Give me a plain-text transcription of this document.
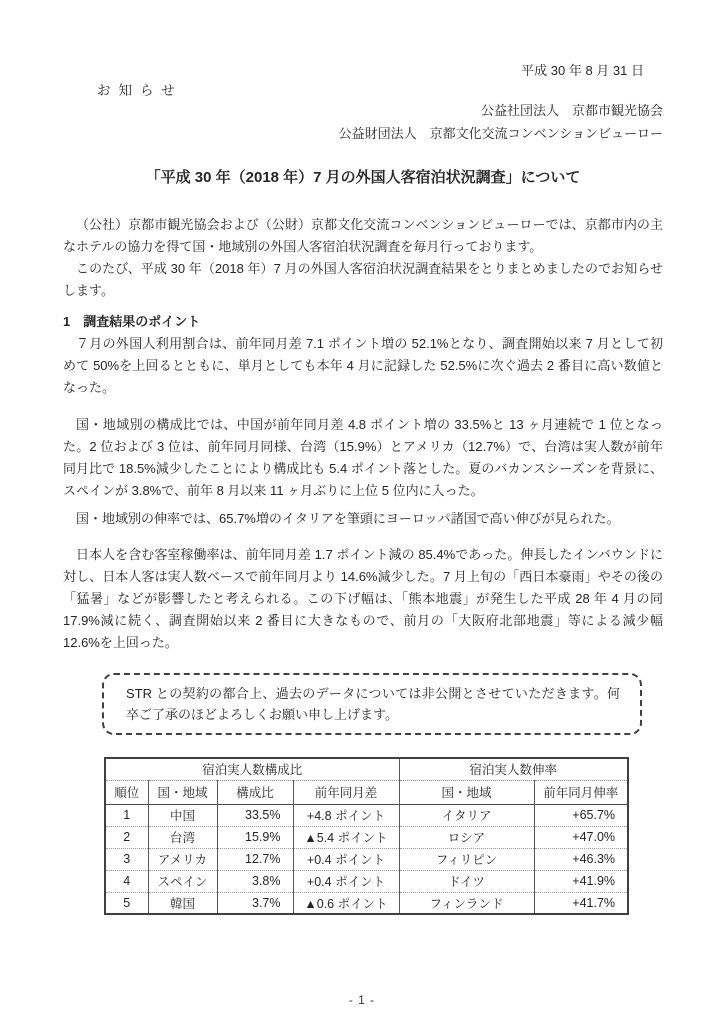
平成 30 年 8 月 31 日
お知らせ
公益社団法人　京都市観光協会
公益財団法人　京都文化交流コンベンションビューロー
「平成 30 年（2018 年）7 月の外国人客宿泊状況調査」について

（公社）京都市観光協会および（公財）京都文化交流コンベンションビューローでは、京都市内の主なホテルの協力を得て国・地域別の外国人客宿泊状況調査を毎月行っております。

このたび、平成 30 年（2018 年）7 月の外国人客宿泊状況調査結果をとりまとめましたのでお知らせします。

1　調査結果のポイント

７月の外国人利用割合は、前年同月差 7.1 ポイント増の 52.1%となり、調査開始以来 7 月として初めて 50%を上回るとともに、単月としても本年 4 月に記録した 52.5%に次ぐ過去 2 番目に高い数値となった。

国・地域別の構成比では、中国が前年同月差 4.8 ポイント増の 33.5%と 13 ヶ月連続で 1 位となった。2 位および 3 位は、前年同月同様、台湾（15.9%）とアメリカ（12.7%）で、台湾は実人数が前年同月比で 18.5%減少したことにより構成比も 5.4 ポイント落とした。夏のバカンスシーズンを背景に、スペインが 3.8%で、前年 8 月以来 11 ヶ月ぶりに上位 5 位内に入った。

国・地域別の伸率では、65.7%増のイタリアを筆頭にヨーロッパ諸国で高い伸びが見られた。

日本人を含む客室稼働率は、前年同月差 1.7 ポイント減の 85.4%であった。伸長したインバウンドに対し、日本人客は実人数ベースで前年同月より 14.6%減少した。7 月上旬の「西日本豪雨」やその後の「猛暑」などが影響したと考えられる。この下げ幅は、「熊本地震」が発生した平成 28 年 4 月の同 17.9%減に続く、調査開始以来 2 番目に大きなもので、前月の「大阪府北部地震」等による減少幅 12.6%を上回った。

STR との契約の都合上、過去のデータについては非公開とさせていただきます。何卒ご了承のほどよろしくお願い申し上げます。

宿泊実人数構成比				宿泊実人数伸率	
順位	国・地域	構成比	前年同月差	国・地域	前年同月伸率
1	中国	33.5%	+4.8 ポイント	イタリア	+65.7%
2	台湾	15.9%	▲5.4 ポイント	ロシア	+47.0%
3	アメリカ	12.7%	+0.4 ポイント	フィリピン	+46.3%
4	スペイン	3.8%	+0.4 ポイント	ドイツ	+41.9%
5	韓国	3.7%	▲0.6 ポイント	フィンランド	+41.7%
- 1 -
